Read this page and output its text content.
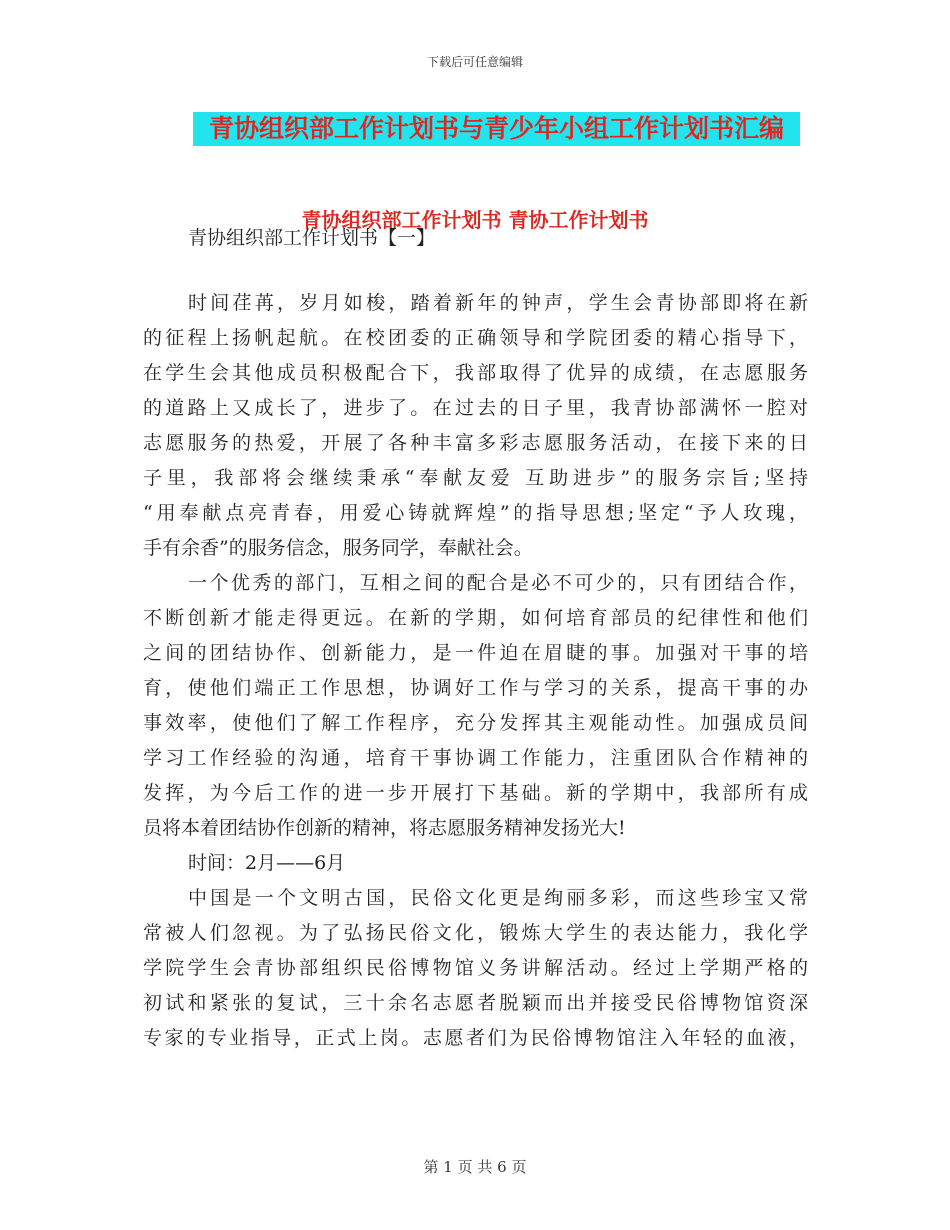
下载后可任意编辑
青协组织部工作计划书与青少年小组工作计划书汇编
青协组织部工作计划书 青协工作计划书
青协组织部工作计划书【一】
时间荏苒，岁月如梭，踏着新年的钟声，学生会青协部即将在新
的征程上扬帆起航。在校团委的正确领导和学院团委的精心指导下，
在学生会其他成员积极配合下，我部取得了优异的成绩，在志愿服务
的道路上又成长了，进步了。在过去的日子里，我青协部满怀一腔对
志愿服务的热爱，开展了各种丰富多彩志愿服务活动，在接下来的日
子里，我部将会继续秉承“奉献友爱 互助进步”的服务宗旨;坚持
“用奉献点亮青春，用爱心铸就辉煌”的指导思想;坚定“予人玫瑰，
手有余香”的服务信念，服务同学，奉献社会。
一个优秀的部门，互相之间的配合是必不可少的，只有团结合作，
不断创新才能走得更远。在新的学期，如何培育部员的纪律性和他们
之间的团结协作、创新能力，是一件迫在眉睫的事。加强对干事的培
育，使他们端正工作思想，协调好工作与学习的关系，提高干事的办
事效率，使他们了解工作程序，充分发挥其主观能动性。加强成员间
学习工作经验的沟通，培育干事协调工作能力，注重团队合作精神的
发挥，为今后工作的进一步开展打下基础。新的学期中，我部所有成
员将本着团结协作创新的精神，将志愿服务精神发扬光大!
时间：2月——6月
中国是一个文明古国，民俗文化更是绚丽多彩，而这些珍宝又常
常被人们忽视。为了弘扬民俗文化，锻炼大学生的表达能力，我化学
学院学生会青协部组织民俗博物馆义务讲解活动。经过上学期严格的
初试和紧张的复试，三十余名志愿者脱颖而出并接受民俗博物馆资深
专家的专业指导，正式上岗。志愿者们为民俗博物馆注入年轻的血液，
第 1 页 共 6 页
